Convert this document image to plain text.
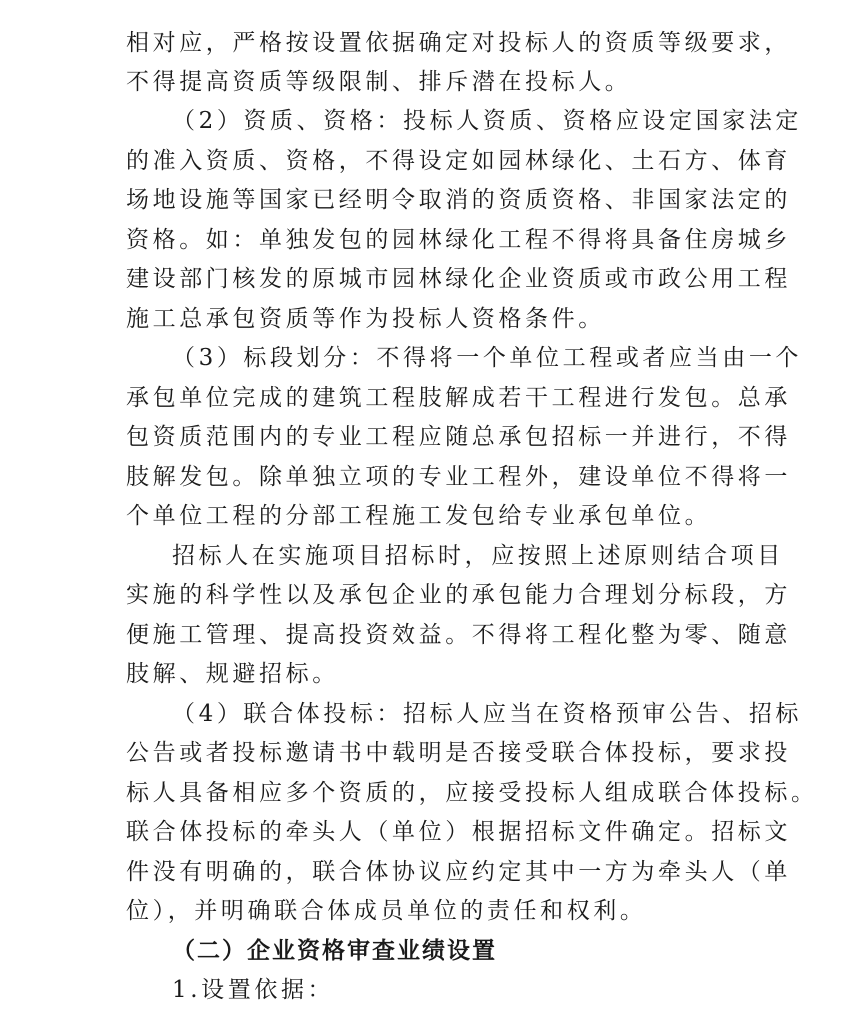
相对应，严格按设置依据确定对投标人的资质等级要求，
不得提高资质等级限制、排斥潜在投标人。
（2）资质、资格：投标人资质、资格应设定国家法定
的准入资质、资格，不得设定如园林绿化、土石方、体育
场地设施等国家已经明令取消的资质资格、非国家法定的
资格。如：单独发包的园林绿化工程不得将具备住房城乡
建设部门核发的原城市园林绿化企业资质或市政公用工程
施工总承包资质等作为投标人资格条件。
（3）标段划分：不得将一个单位工程或者应当由一个
承包单位完成的建筑工程肢解成若干工程进行发包。总承
包资质范围内的专业工程应随总承包招标一并进行，不得
肢解发包。除单独立项的专业工程外，建设单位不得将一
个单位工程的分部工程施工发包给专业承包单位。
招标人在实施项目招标时，应按照上述原则结合项目
实施的科学性以及承包企业的承包能力合理划分标段，方
便施工管理、提高投资效益。不得将工程化整为零、随意
肢解、规避招标。
（4）联合体投标：招标人应当在资格预审公告、招标
公告或者投标邀请书中载明是否接受联合体投标，要求投
标人具备相应多个资质的，应接受投标人组成联合体投标。
联合体投标的牵头人（单位）根据招标文件确定。招标文
件没有明确的，联合体协议应约定其中一方为牵头人（单
位），并明确联合体成员单位的责任和权利。
（二）企业资格审查业绩设置
1.设置依据：
